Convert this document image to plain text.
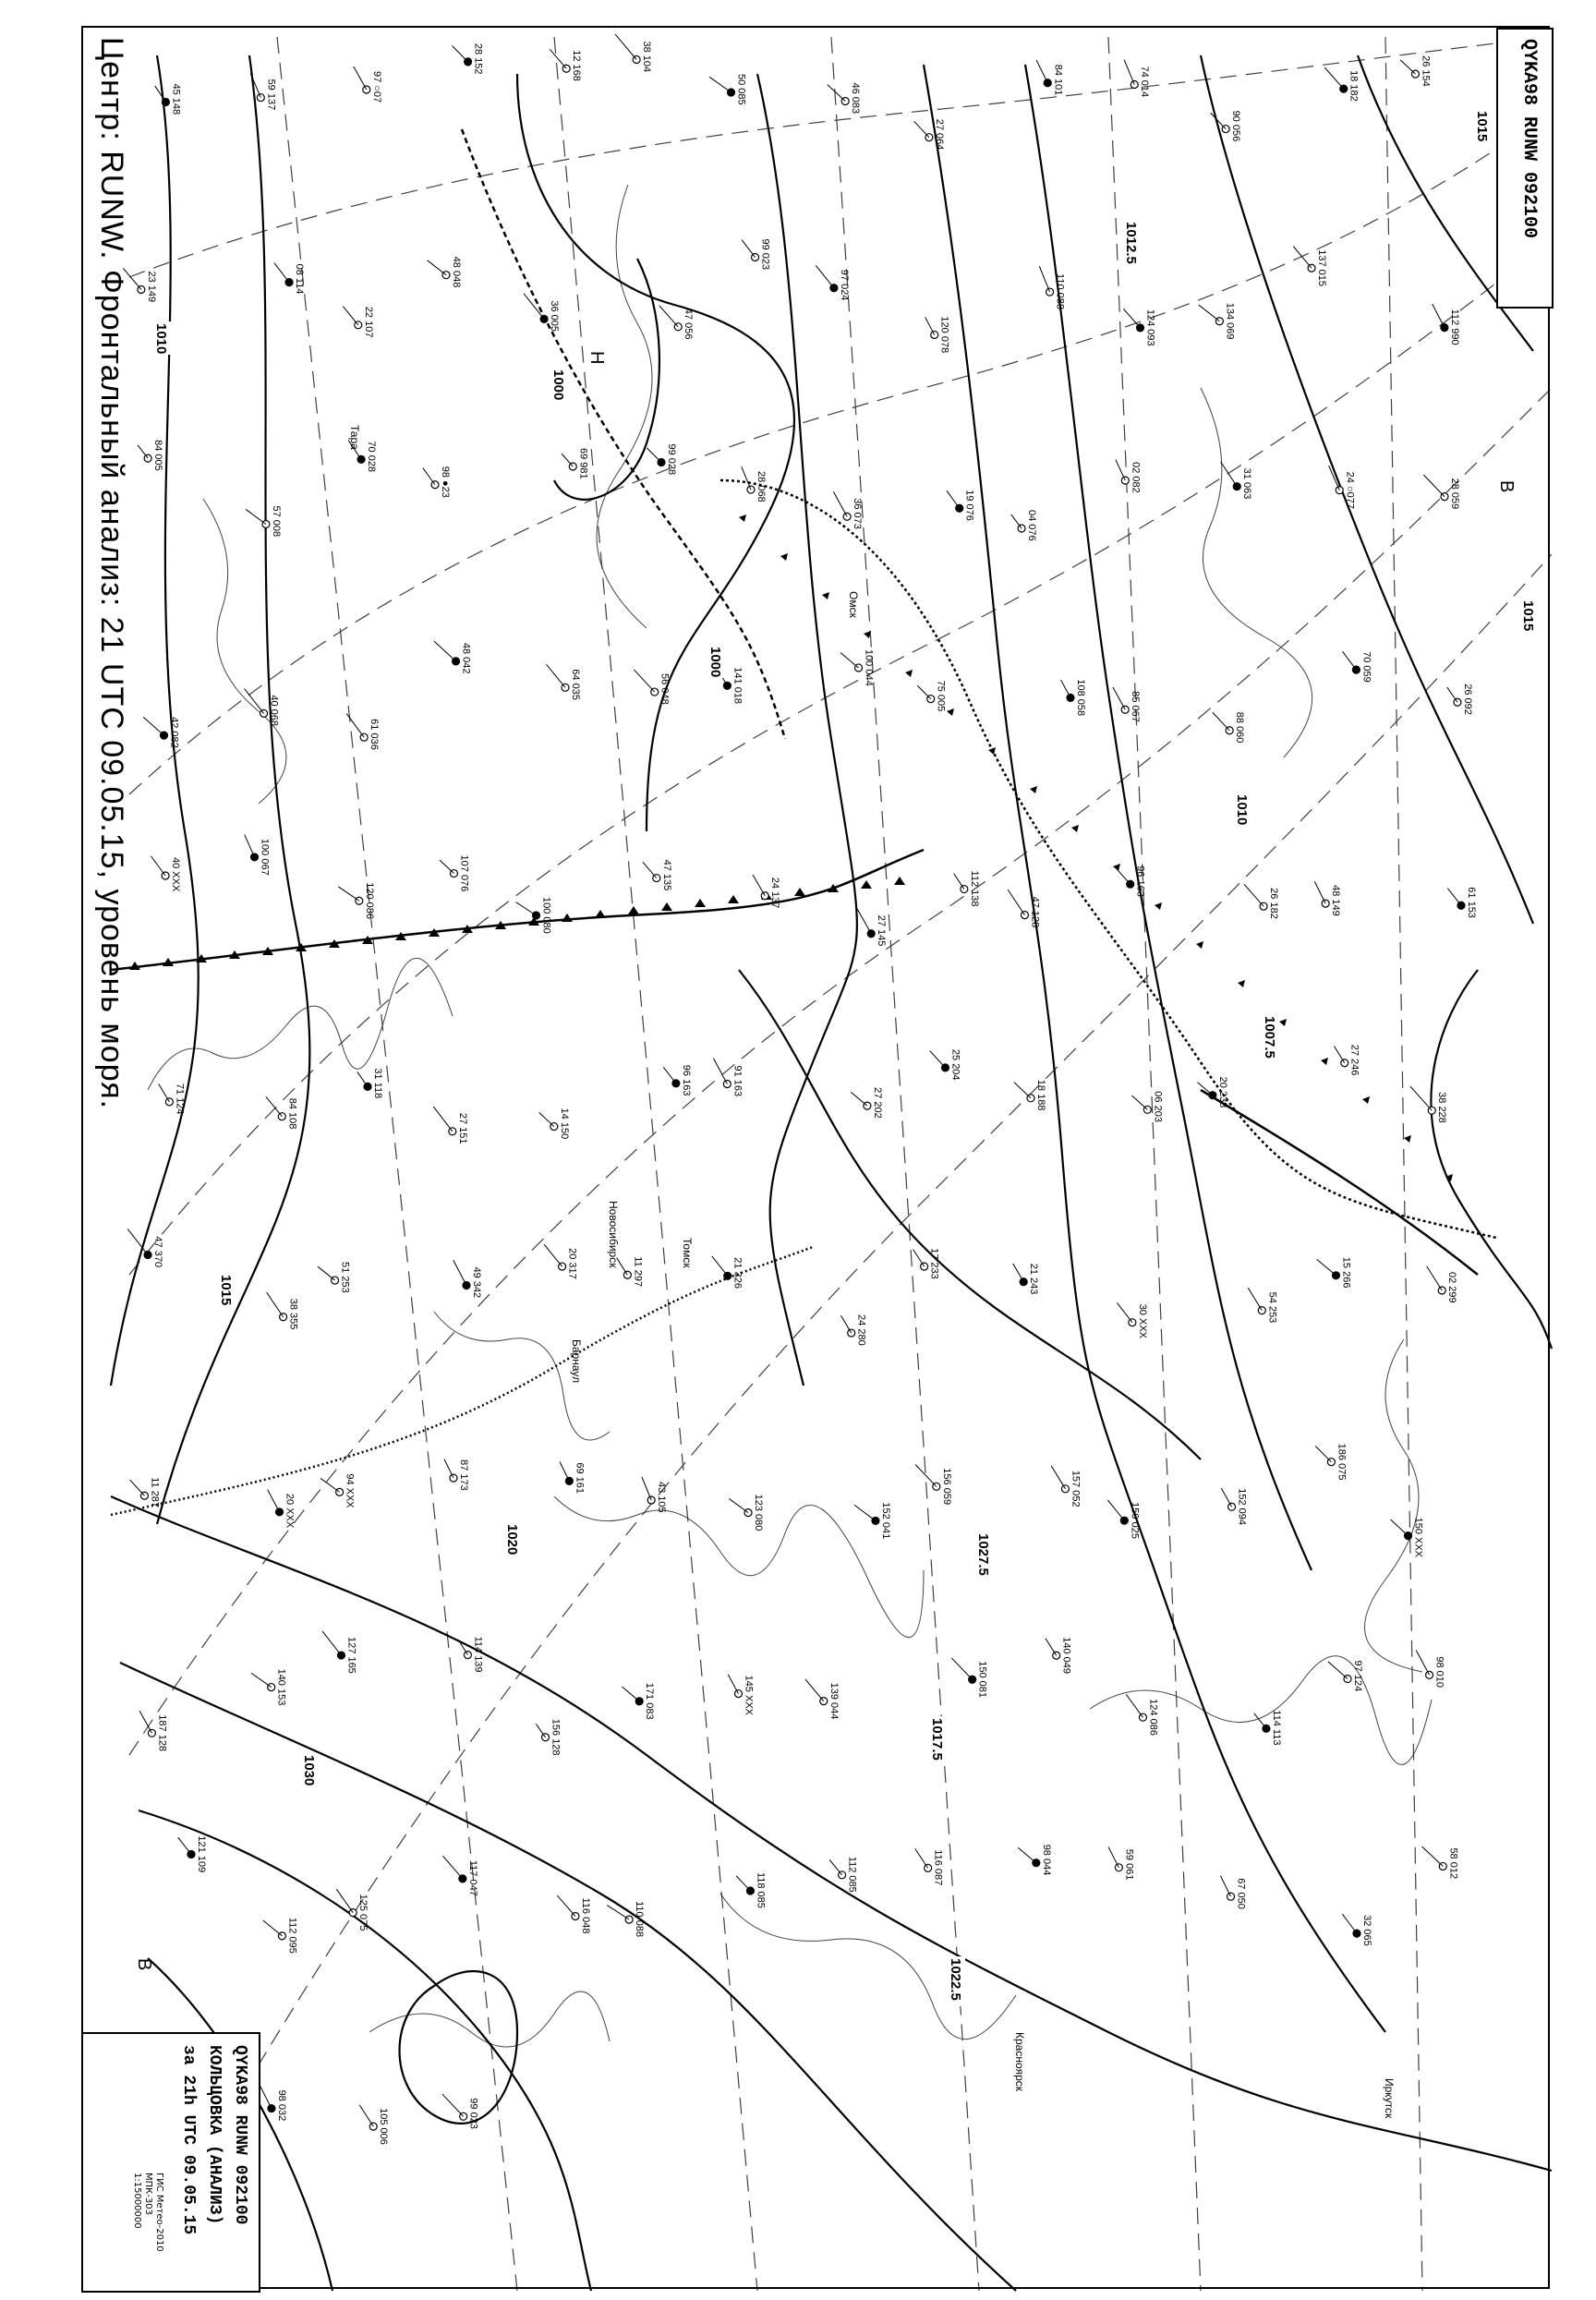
45 148	59 137	97 ○07
28 152	12 168	38 104
50 085	46 083
27 064
84 101	74 014
90 056
18 182	26 154
23 149	08 114
22 107
48 048
36 005	47 056
99 023
97 024
120 078
110 088
124 093	134 069
137 015
112 990
84 005
57 008
70 028
98 ●23
69 981	99 028
28 068
36 073	19 076
04 076
02 082	31 063	24 ○077	28 059
42 082
40 068
61 036
48 042
64 035	56 048	141 018	100 044
75 005	108 058	85 067
88 060
70 059
26 092
40 XXX	100 067
120 086
107 076
100 080
47 135
24 137
27 145
112 138
47 128
96 163
26 182	48 149	61 153
71 124	84 108
31 118
27 151	14 150
96 163	91 163
27 202
25 204
18 188	06 203	20 238
27 246
38 228
47 370
38 355
51 253	49 342
20 317	11 297	21 326
24 280
17 233	21 243
30 XXX	54 253
15 266	02 299
11 287
20 XXX
94 XXX	87 173	69 161
43 105	123 080	152 041
156 059	157 052
150 025	152 094
186 075
150 XXX
187 128
140 153
127 165	114 139
156 128
171 083	145 XXX	139 044
150 081
140 049
124 086	114 113
97 124	98 010
121 109
112 095
125 075
117 047
116 048	110 088
118 085	112 085	116 087	98 044	59 061
67 050
32 065
58 012
98 032
105 006	99 023
1000
1000
1007.5
1010
1010
1012.5
1015
1015
1015
1017.5
1020
1022.5
1027.5
1030
Новосибирск	Томск
Омск
Красноярск
Иркутск
Барнаул
Тара
В
В
Н
Центр: RUNW. Фронтальный анализ: 21 UTC 09.05.15, уровень моря.	QYKA98 RUNW 092100
QYKA98 RUNW 092100
КОЛЬЦОВКА (АНАЛИЗ)
за 21h UTC 09.05.15
ГИС Метео-2010
МПК-303
1:15000000
